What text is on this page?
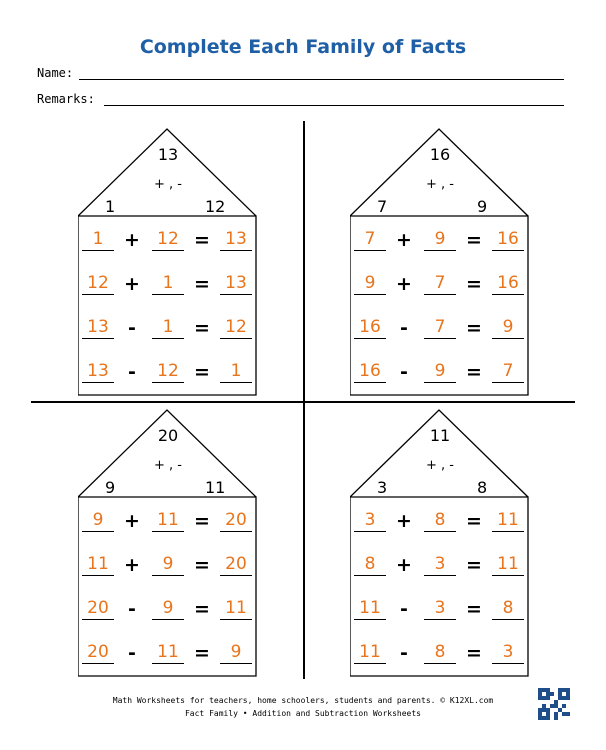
Complete Each Family of Facts
Name:
Remarks:
13
+ , -
1	12
1	+	12 = 13
12 +	1	= 13
13	-	1	= 12
13	-	12 =	1
16
+ , -
7	9
7	+	9	= 16
9	+	7	= 16
16	-	7	=	9
16	-	9	=	7
20
+ , -
9	11
9	+	11 = 20
11 +	9	= 20
20	-	9	= 11
20	-	11 =	9
11
+ , -
3	8
3	+	8	= 11
8	+	3	= 11
11	-	3	=	8
11	-	8	=	3
Math Worksheets for teachers, home schoolers, students and parents. © K12XL.com
Fact Family • Addition and Subtraction Worksheets
